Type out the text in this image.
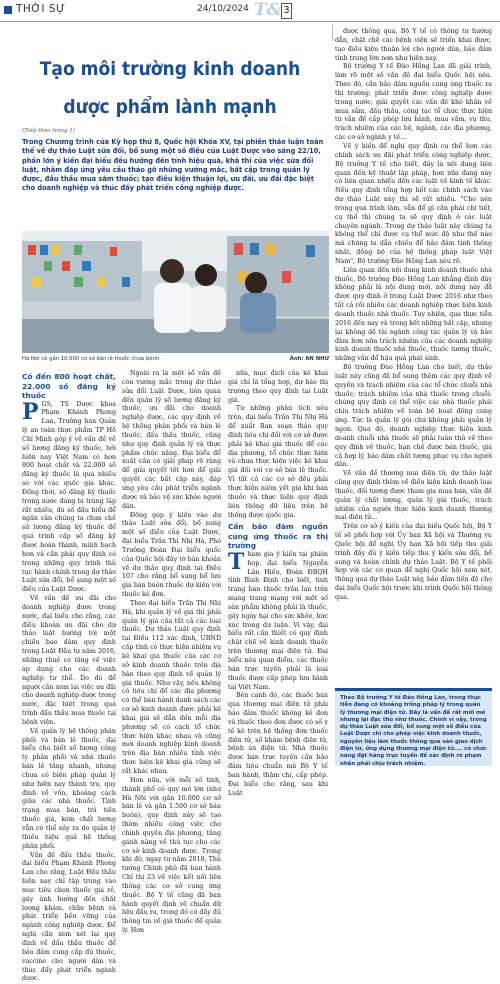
THỜI SỰ	24/10/2024 T& 3
Tạo môi trường kinh doanh
dược phẩm lành mạnh
(Tiếp theo trang 1)
Trong Chương trình của Kỳ họp thứ 8, Quốc hội Khóa XV, tại phiên thảo luận toàn thể về dự thảo Luật sửa đổi, bổ sung một số điều của Luật Dược vào sáng 22/10, phần lớn ý kiến đại biểu đều hướng đến tính hiệu quả, khả thi của việc sửa đổi luật, nhằm đáp ứng yêu cầu tháo gỡ những vướng mắc, bất cập trong quản lý được, đầu thầu mua sắm thuốc; tạo điều kiện thuận lợi, ưu đãi, ưu đãi đặc biệt cho doanh nghiệp và thúc đẩy phát triển công nghiệp được.
Hà Nội có gần 10.000 cơ sở bán lẻ thuốc chưa bệnh.	Ảnh: AN NHƯ

Có đến 800 hoạt chất, 22.000 số đăng ký thuốc

PGS, TS Dược khoa Phạm Khánh Phong Lan, Trưởng ban Quản lý an toàn thực phẩm TP Hồ Chí Minh góp ý về vấn đề về số lượng đăng ký thuốc, bởi hiện nay Việt Nam có hơn 800 hoạt chất và 22.000 số đăng ký thuốc là quá nhiều so với các quốc gia khác. Đồng thời, số đăng ký thuốc trong nước đang bị trùng lặp rất nhiều, dù số đầu biểu để ngăn cản chúng ta chưa chế sử lượng đăng ký thuốc để quá trình cấp số đăng ký được hoàn thành, minh bạch hơn và cần phải quy định có trong những quy trình thủ tục hành chính trong dự thảo Luật sửa đổi, bổ sung một số điều của Luật Dược.

Về vấn đề ưu đãi cho doanh nghiệp được trong nước, đại biểu cho rằng, các điều khoản ưu đãi cho dự thảo luật hướng tới một chiều bao đảm quy định trong Luật Đầu tư năm 2016, những thuẻ có tăng về việc áp dụng cho các doanh nghiệp tư thể. Do đó để người cần xem lại việc ưu đãi cho doanh nghiệp dược trong nước, đặc biệt trong quá trình đấu thầu mua thuốc tại bệnh viện.

Về quản lý hệ thống phân phối và bán lẻ thuốc, đại biểu cho biết số lượng công ty phân phối và nhà thuốc bán lẻ tăng nhanh, nhưng chưa có biện pháp quản lý như hiện nay thành tra, quy định về vốn, khoảng cách giữa các nhà thuốc. Tình trạng mua bán, trả tiền thuốc giá, kém chất lượng vẫn có thể xảy ra do quản lý thiếu hiệu quả hệ thống phân phối.

Vấn đề đấu thầu thuốc, đại biểu Phạm Khánh Phong Lan cho rằng, Luật Đấu thầu hiện nay chỉ tập trung vào mục tiêu chọn thuốc giá rẻ, gây ảnh hưởng đến chất lượng khám, chữa bệnh và phát triển bền vững của ngành công nghiệp dược. Để nghị cần xem xét lại quy định về đấu thầu thuốc để bảo đảm cung cấp đủ thuốc, vaccine cho người dân và thúc đẩy phát triển ngành dược.

Ngoài ra là một số vấn đề còn vướng mắc trong dự thảo sửa đổi Luật Dược, liên quan đến quản lý số lượng đăng ký thuốc, ưu đãi cho doanh nghiệp dược, các quy định về hệ thống phân phối và bán lẻ thuốc, đấu thầu thuốc, cũng như quy định quản lý và thực phẩm chức năng. Đại biểu để xuất cần có giải pháp rõ ràng để giải quyết tốt hơn để giải quyết các bất cập này, đáp ứng yêu cầu phát triển ngành dược và bảo vệ sức khỏe người dân.

Đồng góp ý kiến vào dự thảo Luật sửa đổi, bổ sung một số điều của Luật Dược, đại biểu Trần Thị Nhị Hà, Phó Trưởng Đoàn Đại biểu quốc của Quốc hội đây tờ bản khoản về dư thảo quy định tại Điều 107 cho rằng bổ sung bổ lưu gia bán buôn thuốc dự kiến với thuốc kê đơn.

Theo đại biểu Trần Thị Nhị Hà, khi quản lý về giá thì phải quản lý giá của tất cả các loại thuốc. Dự thảo Luật quy định tại Điều 112 xác định, UBND cấp tỉnh có thực hiện nhiệm vụ kê khai giá thuốc của các cơ sở kinh doanh thuốc trên địa bàn theo quy định về quản lý giá thuốc. Như vậy, nếu không có tiêu chí để các địa phương có thể bàn hành danh sách các cơ sở kinh doanh được phải kê khai giá sẽ dẫn đến mỗi địa phương sẽ có cách tổ chức thực hiện khác nhau và cũng mới doanh nghiệp kinh doanh trên địa bàn nhiều tỉnh việc thực hiện kê khai giá cũng sẽ rất khác nhau.

Hơn nữa, với mỗi số tinh, thành phố có quy mô lớn (như Hà Nội với gần 10.000 cơ sở bán lẻ và gần 1.500 cơ sở bán buôn), quy định này sẽ tạo thêm nhiều công việc cho chính quyền địa phương, tăng gánh nặng về thủ tục cho các cơ sở kinh doanh được. Trong khi đó, ngay từ năm 2018, Thủ tướng Chính phủ đã ban hành Chỉ thị 23 về việc kết nối liên thông các cơ sở cung ứng thuốc. Bộ Y tế cũng đã ban hành quyết định về chuẩn dữ liệu đầu ra, trong đó có đầy đủ thông tin về giá thuốc để quản lý. Hơn

nữa, mục đích của kê khai giá chỉ là tổng hợp, dự báo thị trường theo quy định tại Luật giá.

Từ những phân tích nêu trên, đại biểu Trần Thị Nhị Hà để xuất Ban soạn thảo quy định tiêu chí đối với cơ sở được phải kê khai giá thuốc để các địa phương, tổ chức thực hiện và chưa thực hiện việc kê khai giá đối với cơ sở bán lẻ thuốc. Vì tất cả các cơ sở đều phải thực hiện niêm yết giá khi bán thuốc và thực hiện quy định liên thông dữ liệu trên hệ thống được quốc gia.

Cần bảo đảm nguồn cung ứng thuốc ra thị trường

Tham gia ý kiến tại phiên họp, đại biểu Nguyễn Lân Hiếu, Đoàn ĐBQH tỉnh Bình Định cho biết, tình trạng bán thuốc trần lan trên mạng trang mạng với một số sản phẩm không phải là thuốc, gây ngày hại cho sức khỏe, bức xúc trong dư luận. Vì vậy, đại biểu rất cần thiết có quy định chặt chẽ về kinh doanh thuốc trên thương mại điện tử. Đại biểu nêu quan điểm, các thuốc bán trực tuyến phải là loại thuốc được cấp phép lưu hành tại Việt Nam.

Bên cạnh đó, các thuốc bán qua thương mại điện tử phải bảo đảm thuốc không kê đơn và thuốc theo đơn được có số y tế kê trên hệ thống đơn thuốc điện tử, số khám bệnh điện tử, bệnh án điện tử. Nhà thuốc được bán trực tuyến cần bảo đảm tiêu chuẩn mà Bộ Y tế ban hành, thậm chí, cấp phép. Đại biểu cho rằng, sau khi Luật

được thông qua, Bộ Y tế có thông tư hướng dẫn, chặt chẽ các bệnh viện sẽ triển khai được, tạo điều kiện thuận lợi cho người dân, bảo đảm tính trung lớn nơn như hiện nay.

Bộ trưởng Y tế Đào Hồng Lan đã giải trình, làm rõ một số vấn đề đại biểu Quốc hội nêu. Theo đó, cần bảo đảm nguồn cung ứng thuốc ra thị trường; phát triển được công nghiệp dược trong nước; giải quyết các vấn đề khó khăn về mua sắm, đấu thầu, công tác tổ chức thực hiện từ vấn đề cấp phép lưu hành, mua vắm, vụ thu, trách nhiệm của các bộ, ngành, các địa phương, các cơ sở ngành y tế...

Về ý kiến để nghị quy định cụ thể hơn các chính sách ưu đãi phát triển công nghiệp dược, Bộ trưởng Y tế cho biết, đây là nội dung liên quan đến kỹ thuật lập pháp, hơn nữa đang này có liên quan nhiều đến các luật về kinh tế khác. Nếu quy định tổng hợp hết các chính sách vào dự thảo Luật này thì sẽ rất nhiều. "Cho nên trong quá trình làm, vẫn để gì cần phải chi tiết, cụ thể thì chúng ta sẽ quy định ở các luật chuyên ngành. Trong dự thảo luật này chúng ta không thể chi được cụ thể mức độ như thế nào mà chúng ta dẫn chiếu để bảo đảm tính thống nhất, đồng bộ của hệ thống pháp luật Việt Nam", Bộ trưởng Đào Hồng Lan nêu rõ.

Liên quan đến nội dung kinh doanh thuốc nhà thuốc, Bộ trưởng Đào Hồng Lan khẳng định đây không phải là nội dung mới, nội dung này đã được quy định ở trong Luật Dược 2016 như theo tất cả rồi nhiều các doanh nghiệp thực hiện kinh doanh thuốc nhà thuốc. Tuy nhiên, qua thực tiễn 2016 đến nay và trong kết những bất cập, nhưng lại không đề tài ngành công tác quản lý và bảo đảm hơn nữa trách nhiệm của các doanh nghiệp kinh doanh thuốc nhà thuốc, thuốc tương thuốc, những vấn để hậu quả phát sinh.

Bộ trưởng Đào Hồng Lan cho biết, dự thảo luật này cũng đã bổ sung thêm các quy định về quyền và trách nhiệm của các tổ chức chuỗi nhà thuốc; trách nhiệm của nhà thuốc trong chuỗi; chúng quy định có thể việc các nhà thuốc phải chịu trách nhiệm về toàn bộ hoạt động cung ứng. Tức là quản lý gói chứ không phải quản lý ngọn. Qua đó, doanh nghiệp thực hiện kinh doanh chuỗi nhà thuốc sẽ phải tuân thủ về theo quy định về thuốc, hạn chế được bán thuốc, giá cả hợp lý, bảo đảm chất lượng phục vụ cho người dân.

Về vấn đề thương mại điện tử, dự thảo luật cũng quy định thêm về điều kiện kinh doanh loại thuốc, đối tượng được tham gia mua bán, vấn đề quản lý chất lượng, quản lý giá thuốc, trách nhiệm của người thực hiện kinh doanh thương mại điện tử...

Trên cơ sở ý kiến của đại biểu Quốc hội, Bộ Y tế sẽ phối hợp với Ủy ban Xã hội và Thường vụ Quốc hội để nghị Ủy ban Xã hội tiếp thu giải trình đầy đủ ý kiến tiếp thu ý kiến sửa đổi, bổ sung và hoàn chỉnh dự thảo Luật. Bộ Y tế phối hợp với các cơ quan để nghị Quốc hội xem xét, thông qua dự thảo Luật này, bảo đảm tiến độ cho đại biểu Quốc hội trước khi trình Quốc hội thông qua.

Theo Bộ trưởng Y tế Đào Hồng Lan, trong thực tiễn đang có khoảng trống pháp lý trong quản lý thương mại điện tử. Đây là vấn đề rất mới mẻ nhưng lại đặc thù như thuốc. Chính vì vậy, trong dự thảo Luật sửa đổi, bổ sung một số điều của Luật Dược chỉ cho phép việc kinh doanh thuốc, nguyên liệu làm thuốc thông qua sàn giao dịch điện tử, ứng dụng thương mại điện tử.... có chức năng đặt hàng trực tuyến để xác định rõ phạm nhân phải chịu trách nhiệm.
